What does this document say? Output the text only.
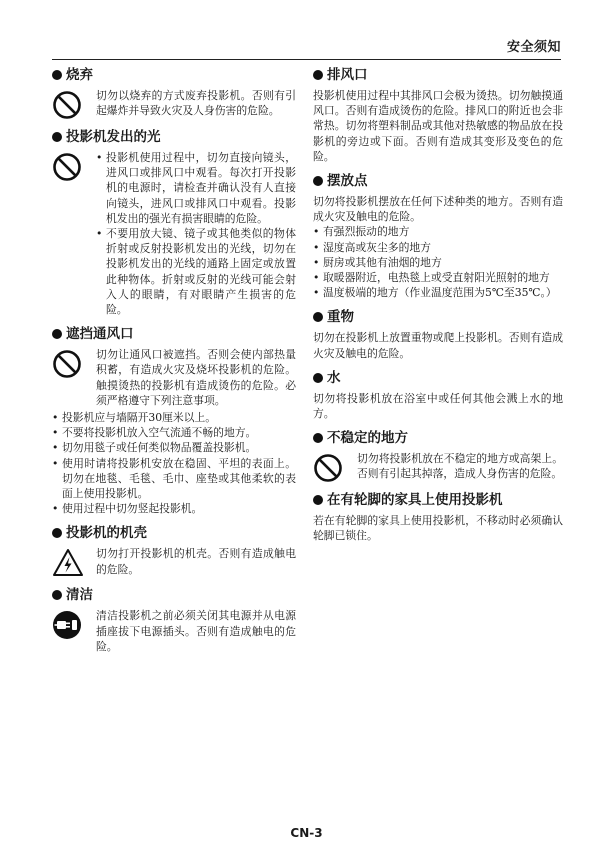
安全须知
烧弃

切勿以烧弃的方式废弃投影机。否则有引起爆炸并导致火灾及人身伤害的危险。

投影机发出的光
• 投影机使用过程中，切勿直接向镜头，进风口或排风口中观看。每次打开投影机的电源时，请检查并确认没有人直接向镜头，进风口或排风口中观看。投影机发出的强光有损害眼睛的危险。
• 不要用放大镜、镜子或其他类似的物体折射或反射投影机发出的光线，切勿在投影机发出的光线的通路上固定或放置此种物体。折射或反射的光线可能会射入人的眼睛，有对眼睛产生损害的危险。
遮挡通风口

切勿让通风口被遮挡。否则会使内部热量积蓄，有造成火灾及烧坏投影机的危险。触摸烫热的投影机有造成烫伤的危险。必须严格遵守下列注意事项。

• 投影机应与墙隔开30厘米以上。
• 不要将投影机放入空气流通不畅的地方。
• 切勿用毯子或任何类似物品覆盖投影机。
• 使用时请将投影机安放在稳固、平坦的表面上。切勿在地毯、毛毯、毛巾、座垫或其他柔软的表面上使用投影机。
• 使用过程中切勿竖起投影机。
投影机的机壳

切勿打开投影机的机壳。否则有造成触电的危险。

清洁

清洁投影机之前必须关闭其电源并从电源插座拔下电源插头。否则有造成触电的危险。

排风口

投影机使用过程中其排风口会极为烫热。切勿触摸通风口。否则有造成烫伤的危险。排风口的附近也会非常热。切勿将塑料制品或其他对热敏感的物品放在投影机的旁边或下面。否则有造成其变形及变色的危险。

摆放点

切勿将投影机摆放在任何下述种类的地方。否则有造成火灾及触电的危险。

• 有强烈振动的地方
• 湿度高或灰尘多的地方
• 厨房或其他有油烟的地方
• 取暖器附近，电热毯上或受直射阳光照射的地方
• 温度极端的地方（作业温度范围为5℃至35℃。）
重物

切勿在投影机上放置重物或爬上投影机。否则有造成火灾及触电的危险。

水

切勿将投影机放在浴室中或任何其他会溅上水的地方。

不稳定的地方

切勿将投影机放在不稳定的地方或高架上。否则有引起其掉落，造成人身伤害的危险。

在有轮脚的家具上使用投影机

若在有轮脚的家具上使用投影机，不移动时必须确认轮脚已锁住。

CN-3
